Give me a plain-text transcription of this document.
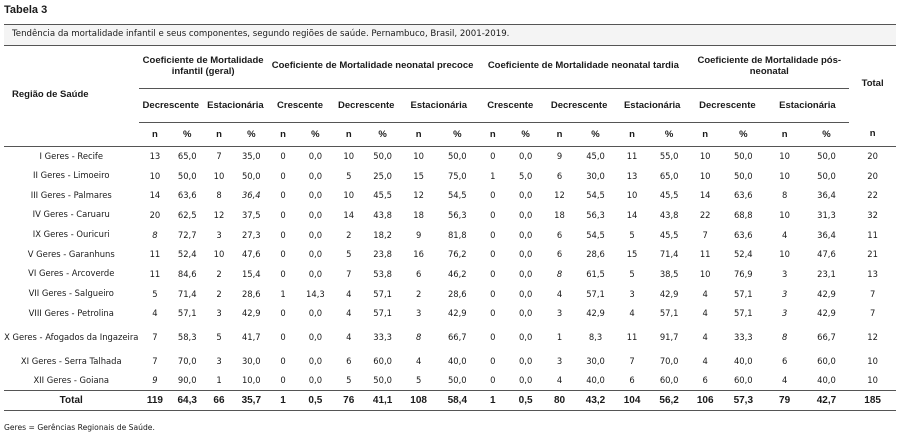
Tabela 3
Tendência da mortalidade infantil e seus componentes, segundo regiões de saúde. Pernambuco, Brasil, 2001-2019.
Região de Saúde	Coeficiente de Mortalidade infantil (geral)				Coeficiente de Mortalidade neonatal precoce						Coeficiente de Mortalidade neonatal tardia						Coeficiente de Mortalidade pós-neonatal				Total
	Decrescente		Estacionária		Crescente		Decrescente		Estacionária		Crescente		Decrescente		Estacionária		Decrescente		Estacionária		
	n	%	n	%	n	%	n	%	n	%	n	%	n	%	n	%	n	%	n	%	n
I Geres - Recife	13	65,0	7	35,0	0	0,0	10	50,0	10	50,0	0	0,0	9	45,0	11	55,0	10	50,0	10	50,0	20
II Geres - Limoeiro	10	50,0	10	50,0	0	0,0	5	25,0	15	75,0	1	5,0	6	30,0	13	65,0	10	50,0	10	50,0	20
III Geres - Palmares	14	63,6	8	36,4	0	0,0	10	45,5	12	54,5	0	0,0	12	54,5	10	45,5	14	63,6	8	36,4	22
IV Geres - Caruaru	20	62,5	12	37,5	0	0,0	14	43,8	18	56,3	0	0,0	18	56,3	14	43,8	22	68,8	10	31,3	32
IX Geres - Ouricuri	8	72,7	3	27,3	0	0,0	2	18,2	9	81,8	0	0,0	6	54,5	5	45,5	7	63,6	4	36,4	11
V Geres - Garanhuns	11	52,4	10	47,6	0	0,0	5	23,8	16	76,2	0	0,0	6	28,6	15	71,4	11	52,4	10	47,6	21
VI Geres - Arcoverde	11	84,6	2	15,4	0	0,0	7	53,8	6	46,2	0	0,0	8	61,5	5	38,5	10	76,9	3	23,1	13
VII Geres - Salgueiro	5	71,4	2	28,6	1	14,3	4	57,1	2	28,6	0	0,0	4	57,1	3	42,9	4	57,1	3	42,9	7
VIII Geres - Petrolina	4	57,1	3	42,9	0	0,0	4	57,1	3	42,9	0	0,0	3	42,9	4	57,1	4	57,1	3	42,9	7
X Geres - Afogados da Ingazeira	7	58,3	5	41,7	0	0,0	4	33,3	8	66,7	0	0,0	1	8,3	11	91,7	4	33,3	8	66,7	12
XI Geres - Serra Talhada	7	70,0	3	30,0	0	0,0	6	60,0	4	40,0	0	0,0	3	30,0	7	70,0	4	40,0	6	60,0	10
XII Geres - Goiana	9	90,0	1	10,0	0	0,0	5	50,0	5	50,0	0	0,0	4	40,0	6	60,0	6	60,0	4	40,0	10
Total	119	64,3	66	35,7	1	0,5	76	41,1	108	58,4	1	0,5	80	43,2	104	56,2	106	57,3	79	42,7	185
Geres = Gerências Regionais de Saúde.
